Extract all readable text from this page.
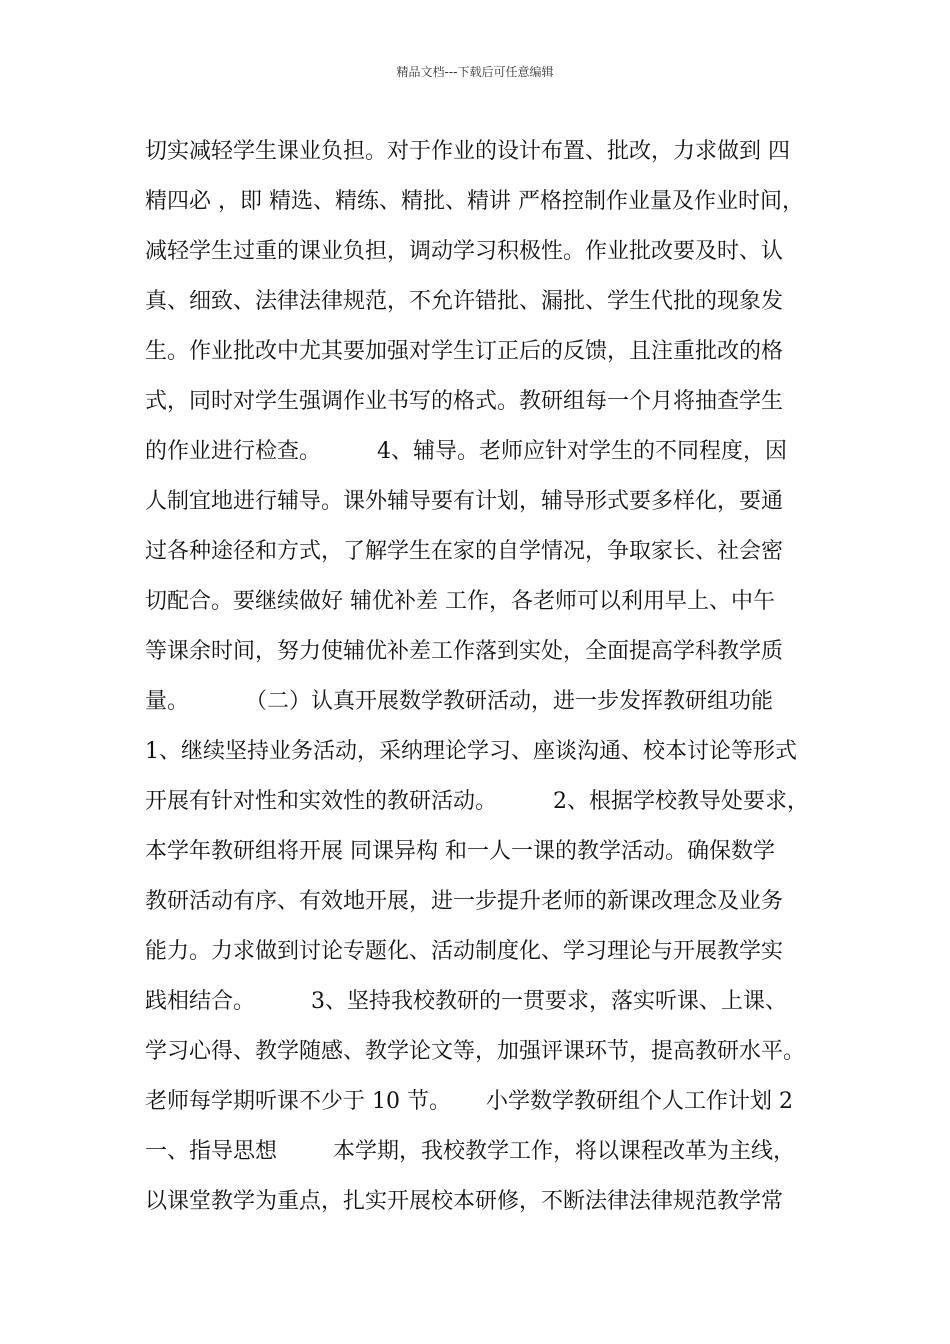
精品文档---下载后可任意编辑
切实减轻学生课业负担。对于作业的设计布置、批改，力求做到 四
精四必 ，即 精选、精练、精批、精讲 严格控制作业量及作业时间，
减轻学生过重的课业负担，调动学习积极性。作业批改要及时、认
真、细致、法律法律规范，不允许错批、漏批、学生代批的现象发
生。作业批改中尤其要加强对学生订正后的反馈，且注重批改的格
式，同时对学生强调作业书写的格式。教研组每一个月将抽查学生
的作业进行检查。        4、辅导。老师应针对学生的不同程度，因
人制宜地进行辅导。课外辅导要有计划，辅导形式要多样化，要通
过各种途径和方式，了解学生在家的自学情况，争取家长、社会密
切配合。要继续做好 辅优补差 工作，各老师可以利用早上、中午
等课余时间，努力使辅优补差工作落到实处，全面提高学科教学质
量。        （二）认真开展数学教研活动，进一步发挥教研组功能
1、继续坚持业务活动，采纳理论学习、座谈沟通、校本讨论等形式
开展有针对性和实效性的教研活动。        2、根据学校教导处要求，
本学年教研组将开展 同课异构 和一人一课的教学活动。确保数学
教研活动有序、有效地开展，进一步提升老师的新课改理念及业务
能力。力求做到讨论专题化、活动制度化、学习理论与开展教学实
践相结合。        3、坚持我校教研的一贯要求，落实听课、上课、
学习心得、教学随感、教学论文等，加强评课环节，提高教研水平。
老师每学期听课不少于 10 节。     小学数学教研组个人工作计划 2
一、指导思想        本学期，我校教学工作，将以课程改革为主线，
以课堂教学为重点，扎实开展校本研修，不断法律法律规范教学常
